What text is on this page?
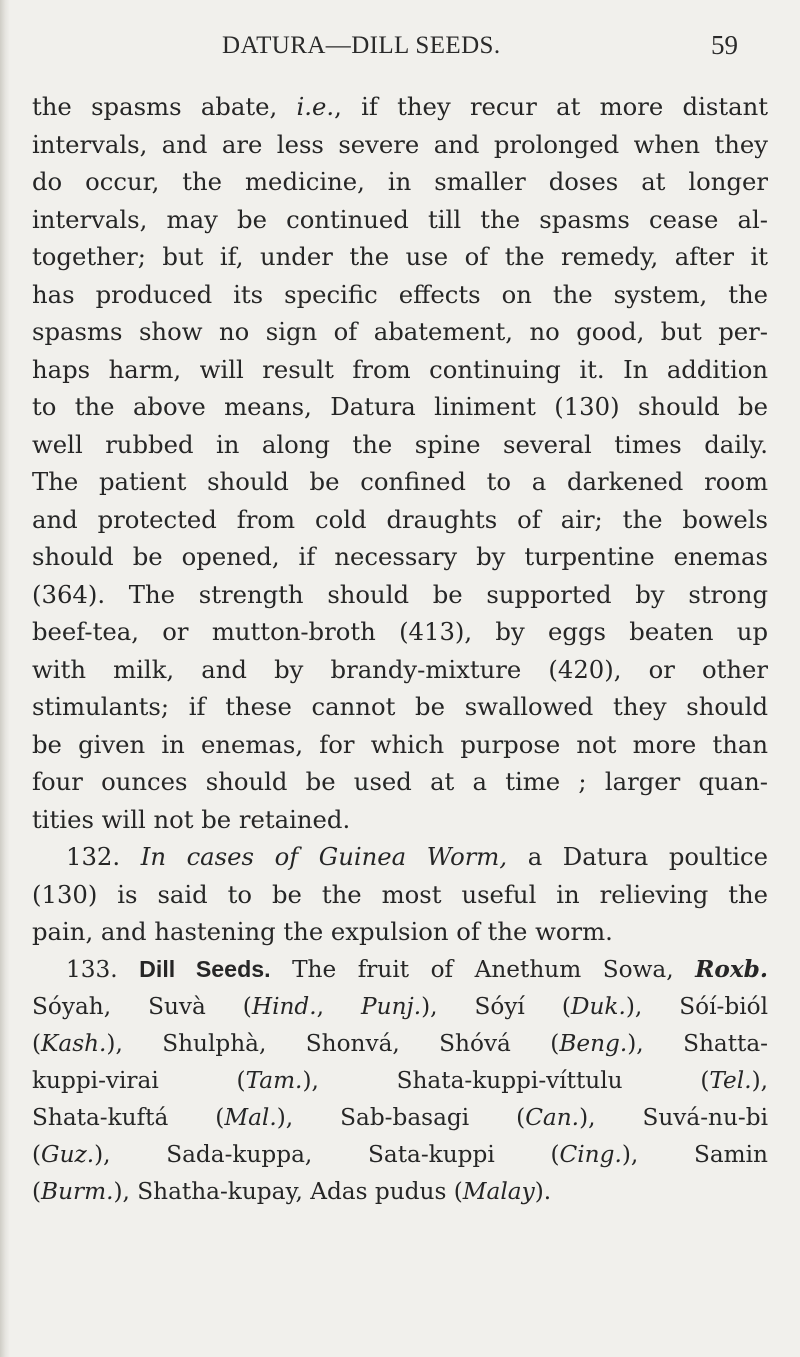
DATURA—DILL SEEDS.	59

the spasms abate, i.e., if they recur at more distant
intervals, and are less severe and prolonged when they
do occur, the medicine, in smaller doses at longer
intervals, may be continued till the spasms cease al-
together; but if, under the use of the remedy, after it
has produced its specific effects on the system, the
spasms show no sign of abatement, no good, but per-
haps harm, will result from continuing it. In addition
to the above means, Datura liniment (130) should be
well rubbed in along the spine several times daily.
The patient should be confined to a darkened room
and protected from cold draughts of air; the bowels
should be opened, if necessary by turpentine enemas
(364). The strength should be supported by strong
beef-tea, or mutton-broth (413), by eggs beaten up
with milk, and by brandy-mixture (420), or other
stimulants; if these cannot be swallowed they should
be given in enemas, for which purpose not more than
four ounces should be used at a time ; larger quan-
tities will not be retained.

132. In cases of Guinea Worm, a Datura poultice
(130) is said to be the most useful in relieving the
pain, and hastening the expulsion of the worm.

133. Dill Seeds. The fruit of Anethum Sowa, Roxb.
Sóyah, Suvà (Hind., Punj.), Sóyí (Duk.), Sóí-biól
(Kash.), Shulphà, Shonvá, Shóvá (Beng.), Shatta-
kuppi-virai (Tam.), Shata-kuppi-víttulu (Tel.),
Shata-kuftá (Mal.), Sab-basagi (Can.), Suvá-nu-bi
(Guz.), Sada-kuppa, Sata-kuppi (Cing.), Samin
(Burm.), Shatha-kupay, Adas pudus (Malay).
